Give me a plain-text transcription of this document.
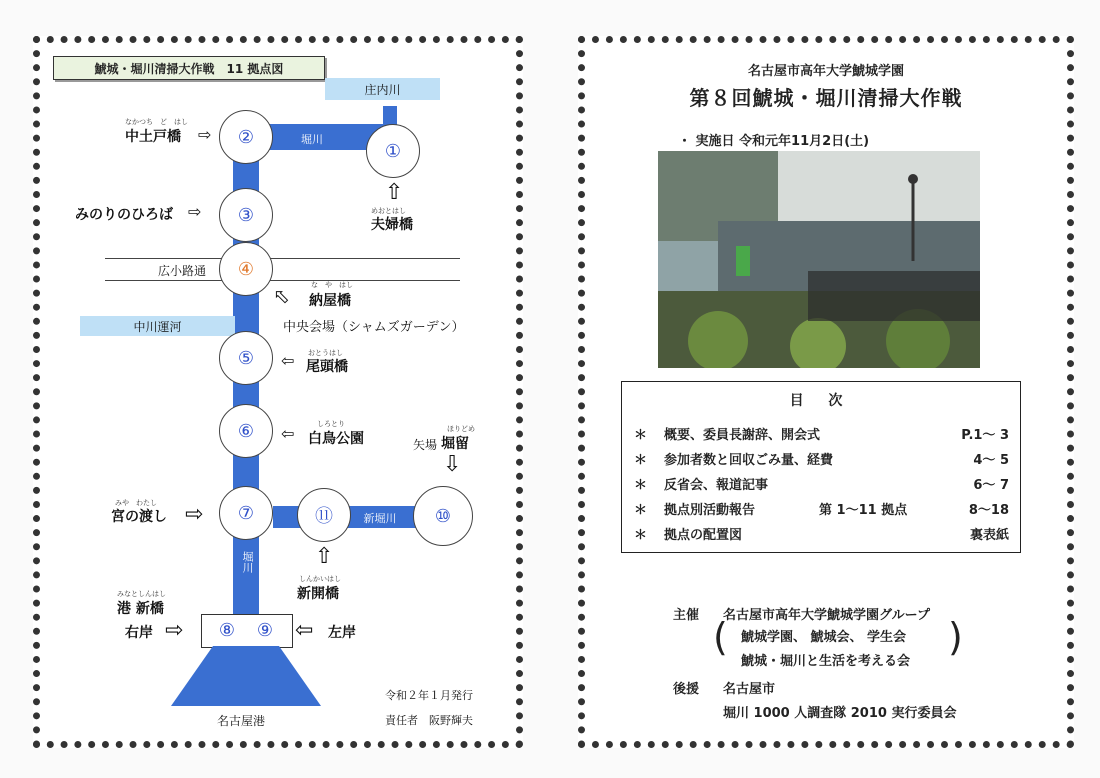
鯱城・堀川清掃大作戦　11 拠点図
庄内川
中川運河
新堀川
堀川
堀川
広小路通
①
②
③
④
⑤
⑥
⑦	⑪	⑩
⑧	⑨
名古屋港
なかつち　ど　はし
中土戸橋 ⇨
みのりのひろば ⇨
⇧
めおとはし
夫婦橋
⬁	な　や　はし
納屋橋
中央会場（シャムズガーデン）
⇦ おとうはし
尾頭橋
⇦	しろとり
白鳥公園
ほりどめ
矢場 堀留
⇩
みや　わたし
宮の渡し ⇨
⇧
しんかいはし
新開橋
みなとしんはし
港 新橋
右岸 ⇨	⇦ 左岸
令和２年１月発行
責任者　阪野輝夫
名古屋市高年大学鯱城学園
第８回鯱城・堀川清掃大作戦
・ 実施日 令和元年11月2日(土)
目 次
＊ 概要、委員長謝辞、開会式	P.1～ 3
＊ 参加者数と回収ごみ量、経費	4～ 5
＊ 反省会、報道記事	6～ 7
＊ 拠点別活動報告	第 1～11 拠点	8～18
＊ 拠点の配置図	裏表紙
主催 名古屋市高年大学鯱城学園グループ
( 鯱城学園、 鯱城会、 学生会
鯱城・堀川と生活を考える会
)
後援 名古屋市
堀川 1000 人調査隊 2010 実行委員会
